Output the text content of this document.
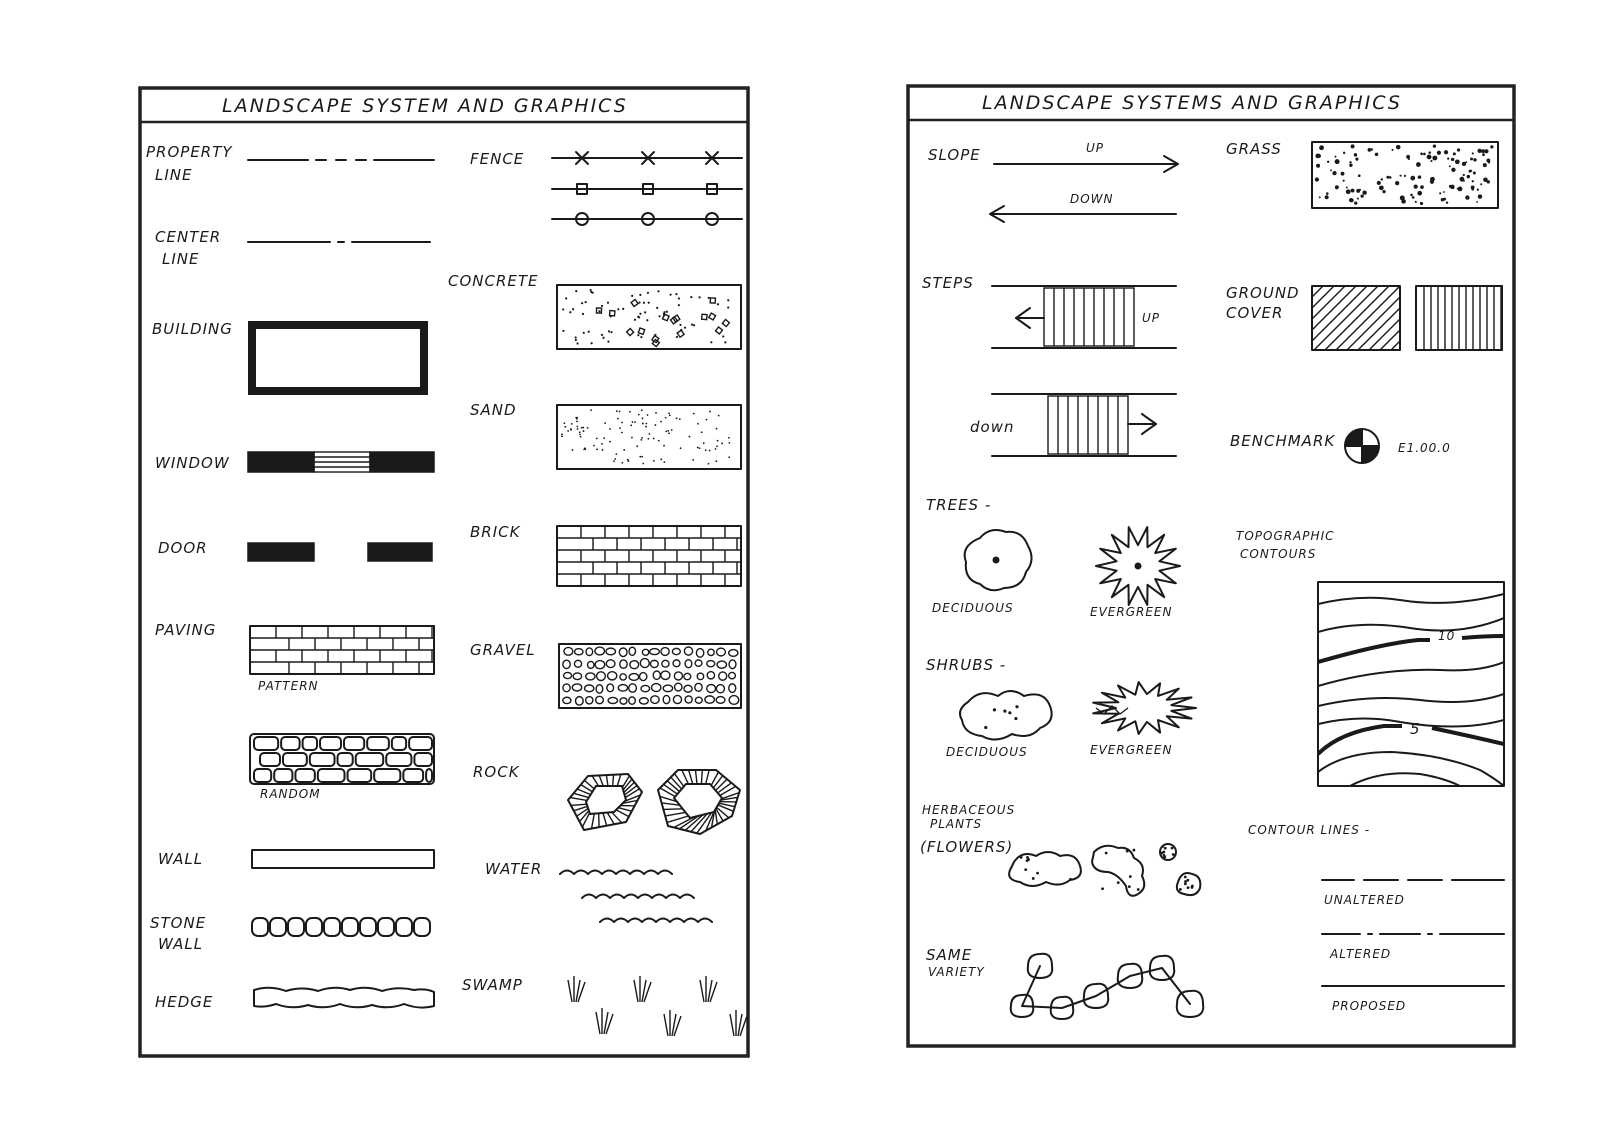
LANDSCAPE SYSTEM AND GRAPHICS
PROPERTY
LINE
CENTER
LINE
BUILDING
WINDOW
DOOR
PAVING
PATTERN
RANDOM
WALL
STONE
WALL
HEDGE
FENCE
CONCRETE
SAND
BRICK
GRAVEL
ROCK
WATER
SWAMP
LANDSCAPE SYSTEMS AND GRAPHICS
SLOPE	UP
DOWN
GRASS
STEPS
UP
down
GROUND
COVER
BENCHMARK	E1.00.0
TREES -
DECIDUOUS	EVERGREEN
TOPOGRAPHIC
CONTOURS
10
5
SHRUBS -
DECIDUOUS	EVERGREEN
HERBACEOUS
PLANTS
(FLOWERS)
CONTOUR LINES -
UNALTERED
ALTERED
PROPOSED
SAME
VARIETY
